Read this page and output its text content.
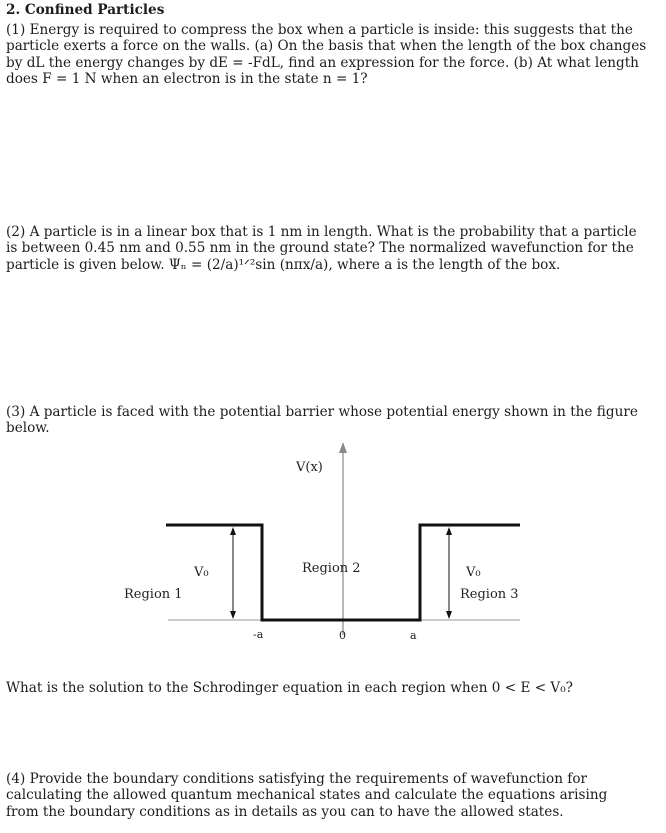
2. Confined Particles
(1) Energy is required to compress the box when a particle is inside: this suggests that the
particle exerts a force on the walls. (a) On the basis that when the length of the box changes
by dL the energy changes by dE = -FdL, find an expression for the force. (b) At what length
does F = 1 N when an electron is in the state n = 1?
(2) A particle is in a linear box that is 1 nm in length. What is the probability that a particle
is between 0.45 nm and 0.55 nm in the ground state? The normalized wavefunction for the
particle is given below. Ψₙ = (2/a)¹ᐟ²sin (nπx/a), where a is the length of the box.
(3) A particle is faced with the potential barrier whose potential energy shown in the figure
below.
V(x)
V₀	V₀
Region 1
Region 2
Region 3
-a	0	a
What is the solution to the Schrodinger equation in each region when 0 < E < V₀?
(4) Provide the boundary conditions satisfying the requirements of wavefunction for
calculating the allowed quantum mechanical states and calculate the equations arising
from the boundary conditions as in details as you can to have the allowed states.
